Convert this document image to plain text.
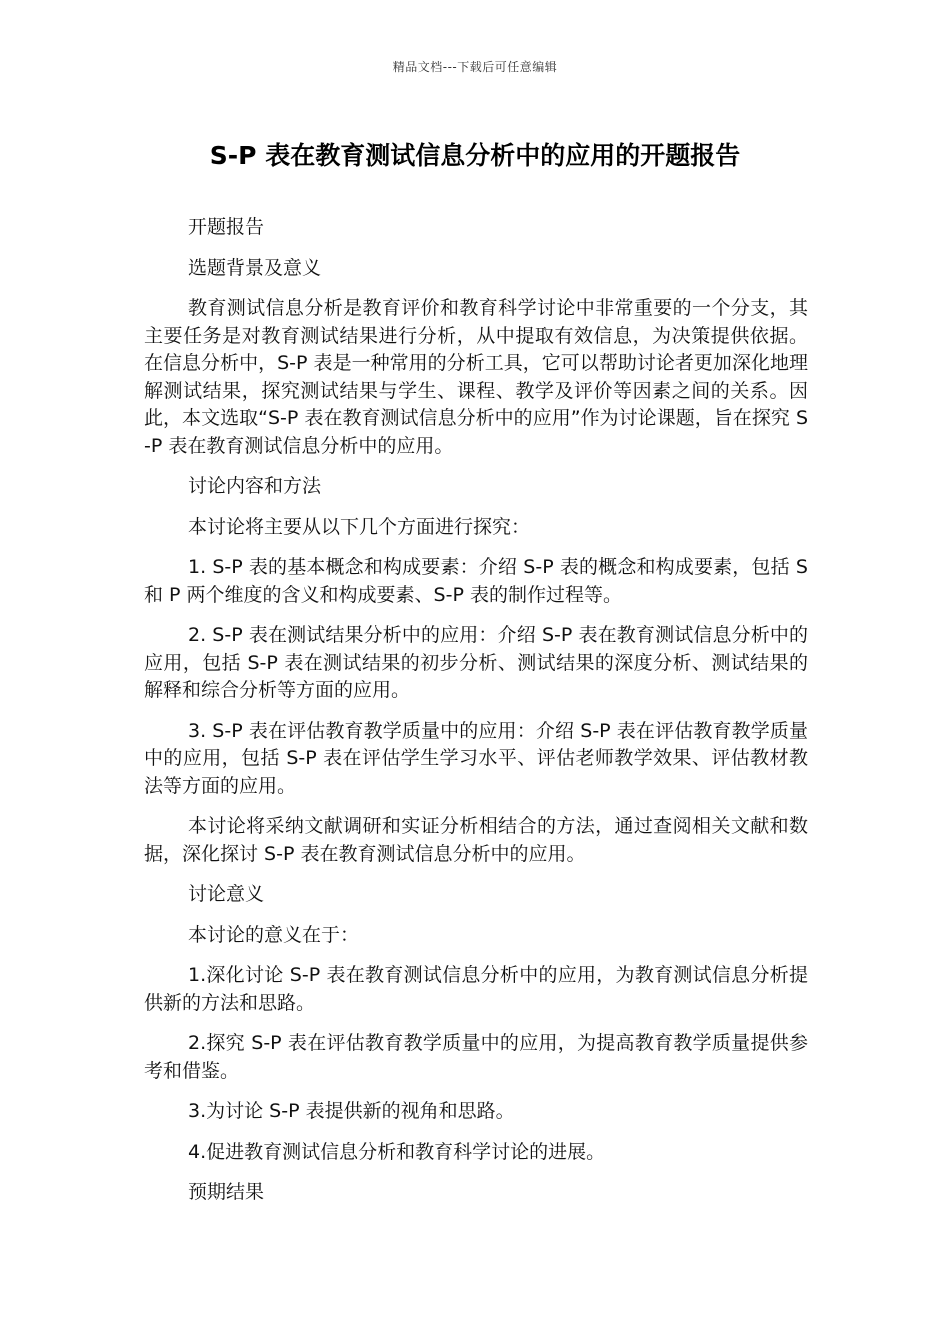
精品文档---下载后可任意编辑
S-P 表在教育测试信息分析中的应用的开题报告

开题报告

选题背景及意义

教育测试信息分析是教育评价和教育科学讨论中非常重要的一个分支，其主要任务是对教育测试结果进行分析，从中提取有效信息，为决策提供依据。在信息分析中，S-P 表是一种常用的分析工具，它可以帮助讨论者更加深化地理解测试结果，探究测试结果与学生、课程、教学及评价等因素之间的关系。因此，本文选取“S-P 表在教育测试信息分析中的应用”作为讨论课题，旨在探究 S-P 表在教育测试信息分析中的应用。

讨论内容和方法

本讨论将主要从以下几个方面进行探究：

1. S-P 表的基本概念和构成要素：介绍 S-P 表的概念和构成要素，包括 S 和 P 两个维度的含义和构成要素、S-P 表的制作过程等。

2. S-P 表在测试结果分析中的应用：介绍 S-P 表在教育测试信息分析中的应用，包括 S-P 表在测试结果的初步分析、测试结果的深度分析、测试结果的解释和综合分析等方面的应用。

3. S-P 表在评估教育教学质量中的应用：介绍 S-P 表在评估教育教学质量中的应用，包括 S-P 表在评估学生学习水平、评估老师教学效果、评估教材教法等方面的应用。

本讨论将采纳文献调研和实证分析相结合的方法，通过查阅相关文献和数据，深化探讨 S-P 表在教育测试信息分析中的应用。

讨论意义

本讨论的意义在于：

1.深化讨论 S-P 表在教育测试信息分析中的应用，为教育测试信息分析提供新的方法和思路。

2.探究 S-P 表在评估教育教学质量中的应用，为提高教育教学质量提供参考和借鉴。

3.为讨论 S-P 表提供新的视角和思路。

4.促进教育测试信息分析和教育科学讨论的进展。

预期结果
